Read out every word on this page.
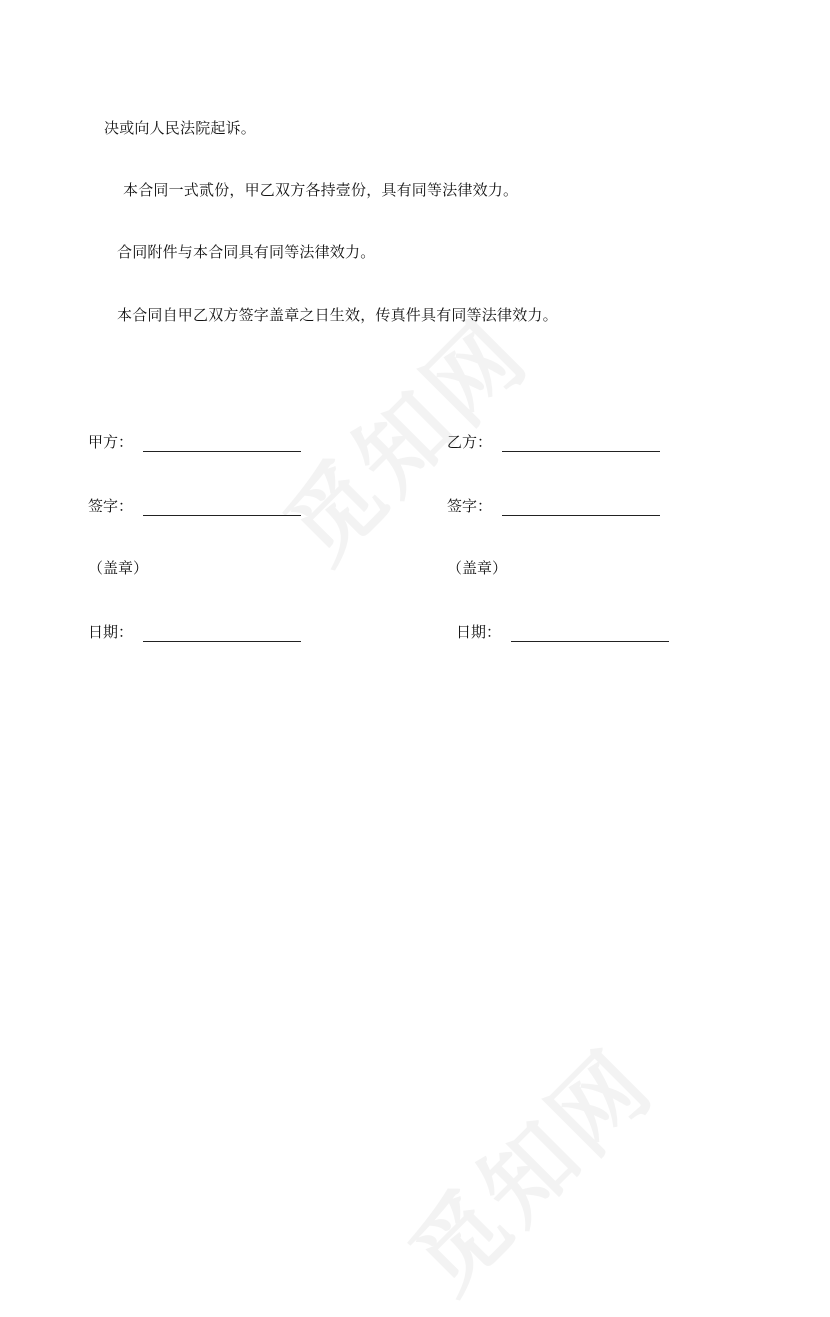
决或向人民法院起诉。
本合同一式贰份，甲乙双方各持壹份，具有同等法律效力。
合同附件与本合同具有同等法律效力。
本合同自甲乙双方签字盖章之日生效，传真件具有同等法律效力。
甲方：
签字：
（盖章）
日期：
乙方：
签字：
（盖章）
日期：
